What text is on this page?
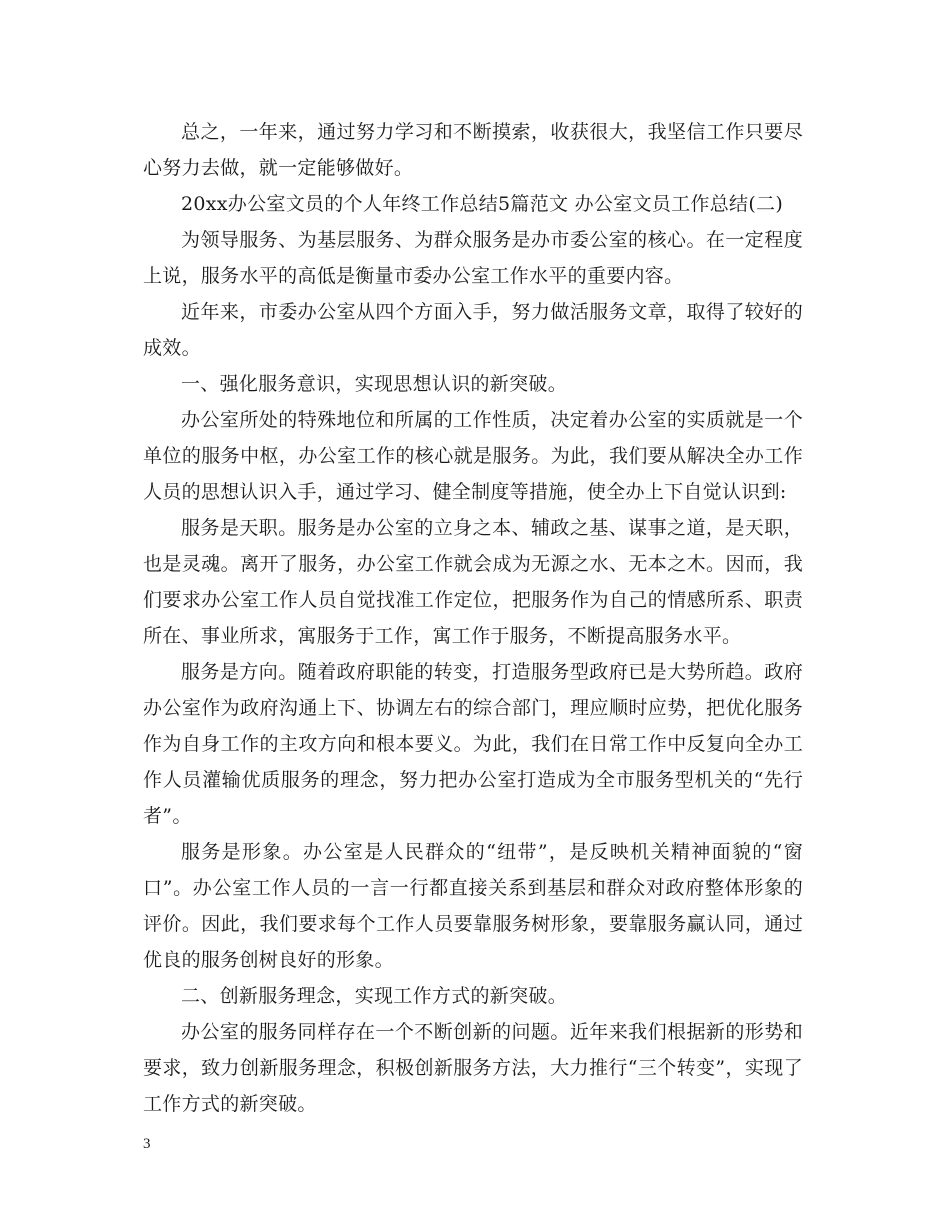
总之，一年来，通过努力学习和不断摸索，收获很大，我坚信工作只要尽心努力去做，就一定能够做好。

20xx办公室文员的个人年终工作总结5篇范文 办公室文员工作总结(二)

为领导服务、为基层服务、为群众服务是办市委公室的核心。在一定程度上说，服务水平的高低是衡量市委办公室工作水平的重要内容。

近年来，市委办公室从四个方面入手，努力做活服务文章，取得了较好的成效。

一、强化服务意识，实现思想认识的新突破。

办公室所处的特殊地位和所属的工作性质，决定着办公室的实质就是一个单位的服务中枢，办公室工作的核心就是服务。为此，我们要从解决全办工作人员的思想认识入手，通过学习、健全制度等措施，使全办上下自觉认识到:

服务是天职。服务是办公室的立身之本、辅政之基、谋事之道，是天职，也是灵魂。离开了服务，办公室工作就会成为无源之水、无本之木。因而，我们要求办公室工作人员自觉找准工作定位，把服务作为自己的情感所系、职责所在、事业所求，寓服务于工作，寓工作于服务，不断提高服务水平。

服务是方向。随着政府职能的转变，打造服务型政府已是大势所趋。政府办公室作为政府沟通上下、协调左右的综合部门，理应顺时应势，把优化服务作为自身工作的主攻方向和根本要义。为此，我们在日常工作中反复向全办工作人员灌输优质服务的理念，努力把办公室打造成为全市服务型机关的“先行者”。

服务是形象。办公室是人民群众的“纽带”，是反映机关精神面貌的“窗口”。办公室工作人员的一言一行都直接关系到基层和群众对政府整体形象的评价。因此，我们要求每个工作人员要靠服务树形象，要靠服务赢认同，通过优良的服务创树良好的形象。

二、创新服务理念，实现工作方式的新突破。

办公室的服务同样存在一个不断创新的问题。近年来我们根据新的形势和要求，致力创新服务理念，积极创新服务方法，大力推行“三个转变”，实现了工作方式的新突破。

3
